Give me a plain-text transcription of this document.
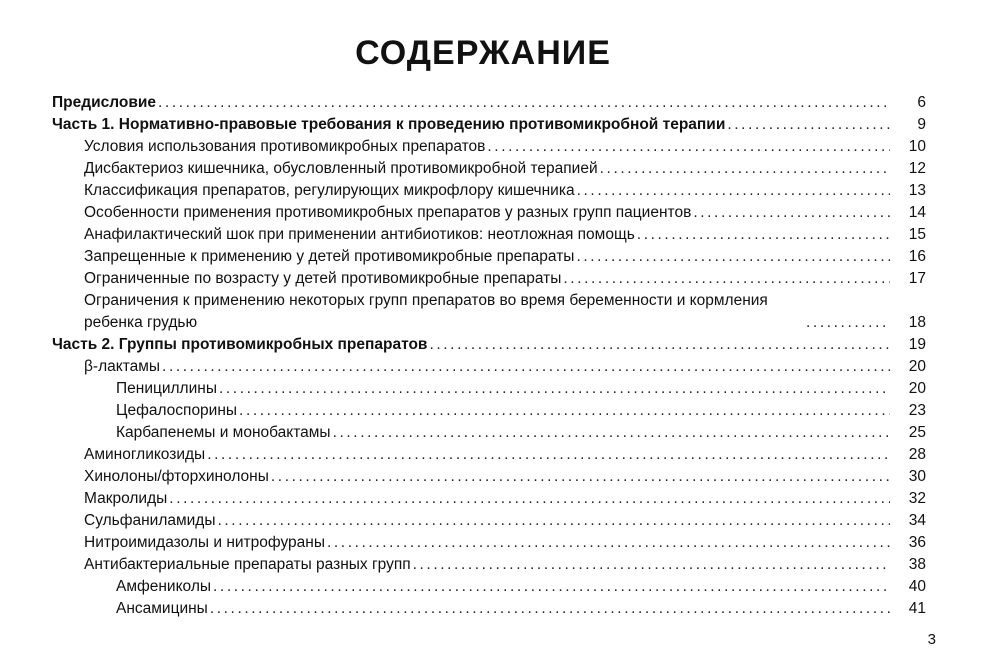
СОДЕРЖАНИЕ
Предисловие .....	6
Часть 1. Нормативно-правовые требования к проведению противомикробной терапии .....	9
Условия использования противомикробных препаратов .....	10
Дисбактериоз кишечника, обусловленный противомикробной терапией .....	12
Классификация препаратов, регулирующих микрофлору кишечника .....	13
Особенности применения противомикробных препаратов у разных групп пациентов .....	14
Анафилактический шок при применении антибиотиков: неотложная помощь .....	15
Запрещенные к применению у детей противомикробные препараты .....	16
Ограниченные по возрасту у детей противомикробные препараты .....	17
Ограничения к применению некоторых групп препаратов во время беременности и кормления ребенка грудью .....	18
Часть 2. Группы противомикробных препаратов .....	19
β-лактамы .....	20
Пенициллины .....	20
Цефалоспорины .....	23
Карбапенемы и монобактамы .....	25
Аминогликозиды .....	28
Хинолоны/фторхинолоны .....	30
Макролиды .....	32
Сульфаниламиды .....	34
Нитроимидазолы и нитрофураны .....	36
Антибактериальные препараты разных групп .....	38
Амфениколы .....	40
Ансамицины .....	41
3
